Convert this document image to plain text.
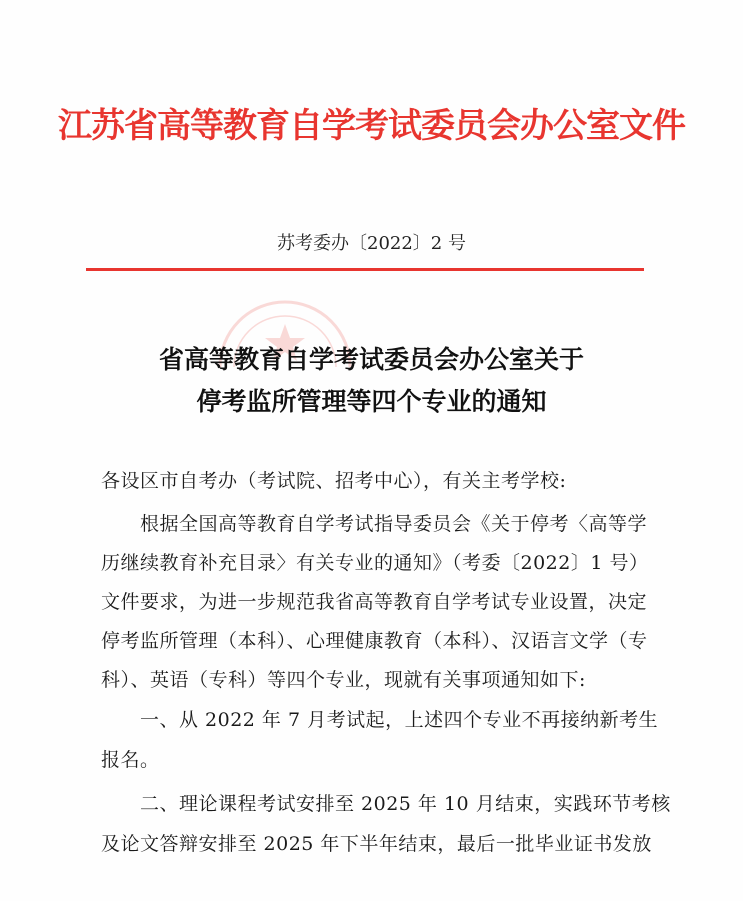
江苏省高等教育自学考试委员会办公室文件
苏考委办〔2022〕2 号
省高等教育自学考试委员会办公室关于
停考监所管理等四个专业的通知
各设区市自考办（考试院、招考中心），有关主考学校:
根据全国高等教育自学考试指导委员会《关于停考〈高等学
历继续教育补充目录〉有关专业的通知》（考委〔2022〕1 号）
文件要求，为进一步规范我省高等教育自学考试专业设置，决定
停考监所管理（本科）、心理健康教育（本科）、汉语言文学（专
科）、英语（专科）等四个专业，现就有关事项通知如下:
一、从 2022 年 7 月考试起，上述四个专业不再接纳新考生
报名。
二、理论课程考试安排至 2025 年 10 月结束，实践环节考核
及论文答辩安排至 2025 年下半年结束，最后一批毕业证书发放
